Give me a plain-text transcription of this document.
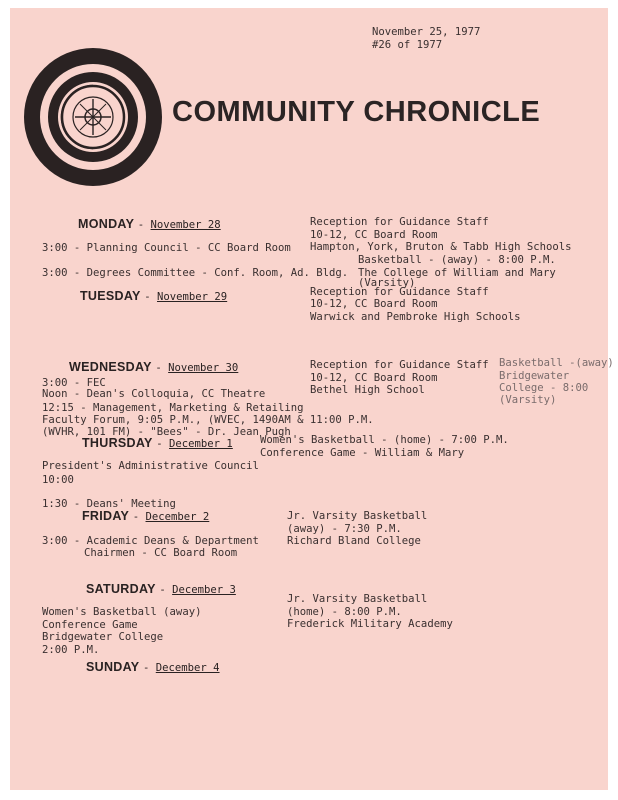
November 25, 1977
#26 of 1977
COMMUNITY CHRONICLE
MONDAY - November 28
3:00 - Planning Council - CC Board Room
3:00 - Degrees Committee - Conf. Room, Ad. Bldg.
Reception for Guidance Staff
10-12, CC Board Room
Hampton, York, Bruton & Tabb High Schools
Basketball - (away) - 8:00 P.M.
The College of William and Mary
(Varsity)
TUESDAY - November 29	Reception for Guidance Staff
10-12, CC Board Room
Warwick and Pembroke High Schools
WEDNESDAY - November 30
3:00 - FEC
Noon - Dean's Colloquia, CC Theatre
12:15 - Management, Marketing & Retailing
Faculty Forum, 9:05 P.M., (WVEC, 1490AM & 11:00 P.M.
(WVHR, 101 FM) - "Bees" - Dr. Jean Pugh
Reception for Guidance Staff
10-12, CC Board Room
Bethel High School
Basketball -(away)
Bridgewater
College - 8:00
(Varsity)
THURSDAY - December 1	Women's Basketball - (home) - 7:00 P.M.
Conference Game - William & Mary
President's Administrative Council
10:00
1:30 - Deans' Meeting
FRIDAY - December 2	Jr. Varsity Basketball
(away) - 7:30 P.M.
Richard Bland College
3:00 - Academic Deans & Department
Chairmen - CC Board Room
SATURDAY - December 3
Jr. Varsity Basketball
(home) - 8:00 P.M.
Frederick Military Academy
Women's Basketball (away)
Conference Game
Bridgewater College
2:00 P.M.
SUNDAY - December 4
